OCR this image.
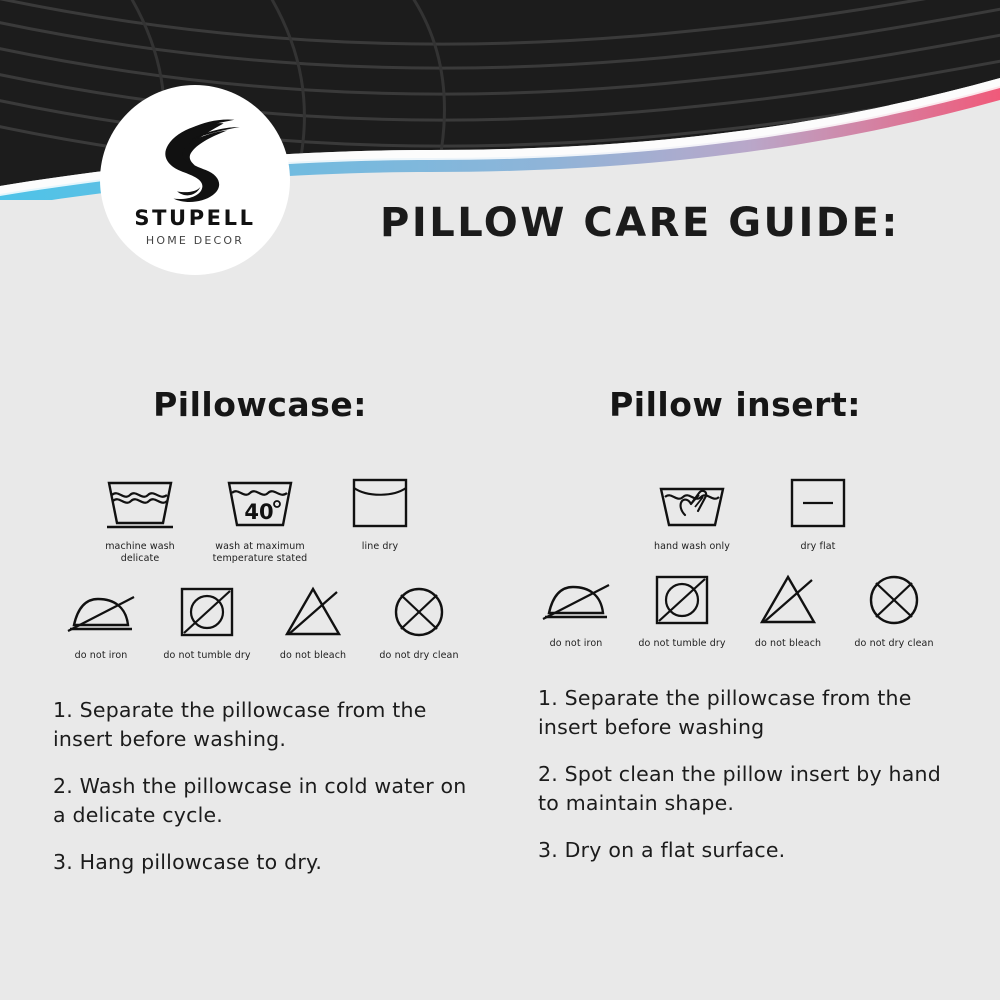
STUPELL
HOME DECOR	PILLOW CARE GUIDE:
Pillowcase:
machine wash
delicate
40
wash at maximum
temperature stated
line dry
do not iron	do not tumble dry	do not bleach	do not dry clean
1. Separate the pillowcase from the insert before washing.
2. Wash the pillowcase in cold water on a delicate cycle.
3. Hang pillowcase to dry.
Pillow insert:
hand wash only	dry flat
do not iron	do not tumble dry	do not bleach	do not dry clean
1. Separate the pillowcase from the insert before washing
2. Spot clean the pillow insert by hand to maintain shape.
3. Dry on a flat surface.
